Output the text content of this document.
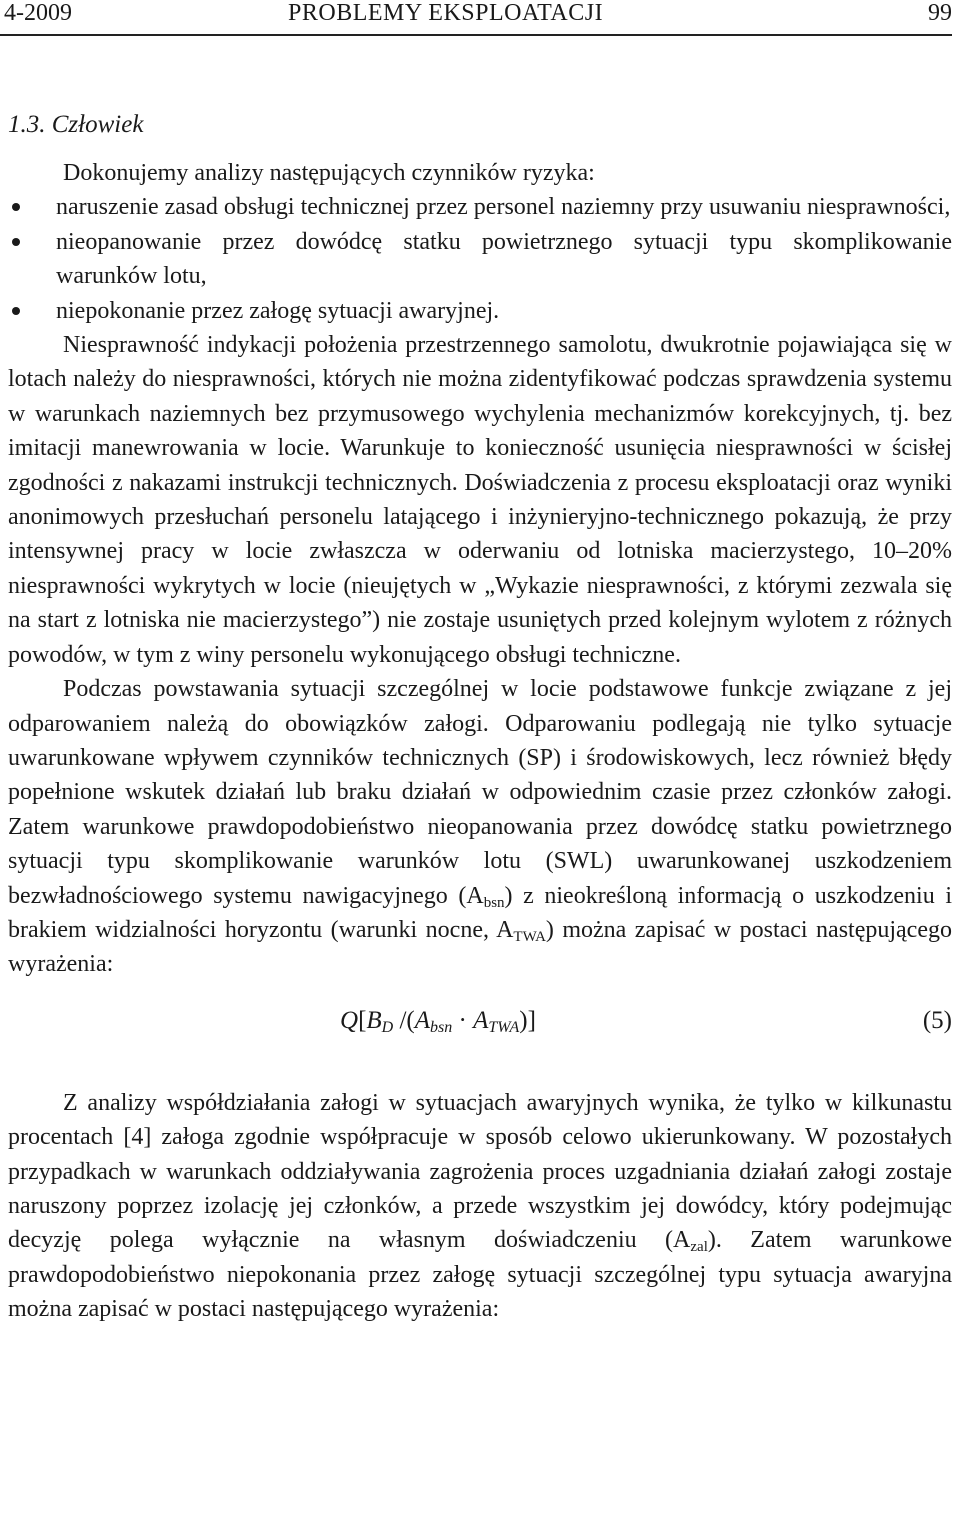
4-2009	PROBLEMY EKSPLOATACJI	99
1.3. Człowiek

Dokonujemy analizy następujących czynników ryzyka:

naruszenie zasad obsługi technicznej przez personel naziemny przy usuwaniu niesprawności,
nieopanowanie przez dowódcę statku powietrznego sytuacji typu skomplikowanie warunków lotu,
niepokonanie przez załogę sytuacji awaryjnej.

Niesprawność indykacji położenia przestrzennego samolotu, dwukrotnie pojawiająca się w lotach należy do niesprawności, których nie można zidentyfikować podczas sprawdzenia systemu w warunkach naziemnych bez przymusowego wychylenia mechanizmów korekcyjnych, tj. bez imitacji manewrowania w locie. Warunkuje to konieczność usunięcia niesprawności w ścisłej zgodności z nakazami instrukcji technicznych. Doświadczenia z procesu eksploatacji oraz wyniki anonimowych przesłuchań personelu latającego i inżynieryjno-technicznego pokazują, że przy intensywnej pracy w locie zwłaszcza w oderwaniu od lotniska macierzystego, 10–20% niesprawności wykrytych w locie (nieujętych w „Wykazie niesprawności, z którymi zezwala się na start z lotniska nie macierzystego”) nie zostaje usuniętych przed kolejnym wylotem z różnych powodów, w tym z winy personelu wykonującego obsługi techniczne.

Podczas powstawania sytuacji szczególnej w locie podstawowe funkcje związane z jej odparowaniem należą do obowiązków załogi. Odparowaniu podlegają nie tylko sytuacje uwarunkowane wpływem czynników technicznych (SP) i środowiskowych, lecz również błędy popełnione wskutek działań lub braku działań w odpowiednim czasie przez członków załogi. Zatem warunkowe prawdopodobieństwo nieopanowania przez dowódcę statku powietrznego sytuacji typu skomplikowanie warunków lotu (SWL) uwarunkowanej uszkodzeniem bezwładnościowego systemu nawigacyjnego $(A_{bsn})$ z nieokreśloną informacją o uszkodzeniu i brakiem widzialności horyzontu (warunki nocne, $A_{TWA}$) można zapisać w postaci następującego wyrażenia:

$Q[B_D$ $/(A_{bsn} \cdot A_{TWA})$]	(5)

Z analizy współdziałania załogi w sytuacjach awaryjnych wynika, że tylko w kilkunastu procentach [4] załoga zgodnie współpracuje w sposób celowo ukierunkowany. W pozostałych przypadkach w warunkach oddziaływania zagrożenia proces uzgadniania działań załogi zostaje naruszony poprzez izolację jej członków, a przede wszystkim jej dowódcy, który podejmując decyzję polega wyłącznie na własnym doświadczeniu $(A_{zal})$. Zatem warunkowe prawdopodobieństwo niepokonania przez załogę sytuacji szczególnej typu sytuacja awaryjna można zapisać w postaci następującego wyrażenia:
